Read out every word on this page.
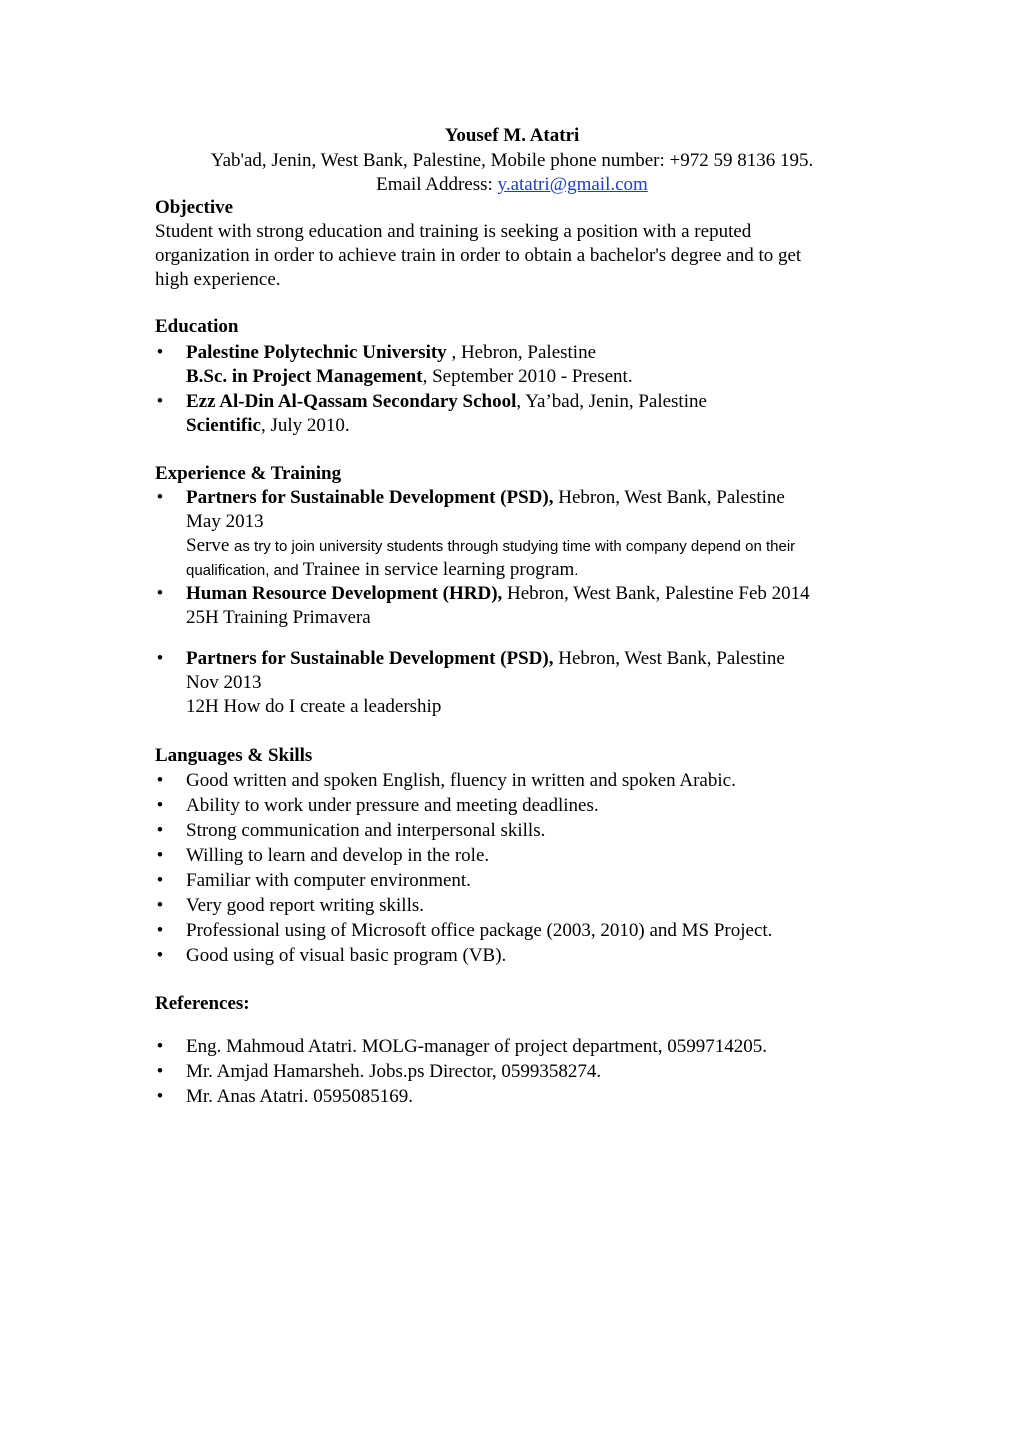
Yousef M. Atatri
Yab'ad, Jenin, West Bank, Palestine, Mobile phone number: +972 59 8136 195.
Email Address: y.atatri@gmail.com
Objective
Student with strong education and training is seeking a position with a reputed
organization in order to achieve train in order to obtain a bachelor's degree and to get
high experience.
Education
• Palestine Polytechnic University , Hebron, Palestine
B.Sc. in Project Management, September 2010 - Present.
• Ezz Al-Din Al-Qassam Secondary School, Ya’bad, Jenin, Palestine
Scientific, July 2010.
Experience & Training
• Partners for Sustainable Development (PSD), Hebron, West Bank, Palestine
May 2013
Serve as try to join university students through studying time with company depend on their
qualification, and Trainee in service learning program.
• Human Resource Development (HRD), Hebron, West Bank, Palestine Feb 2014
25H Training Primavera
• Partners for Sustainable Development (PSD), Hebron, West Bank, Palestine
Nov 2013
12H How do I create a leadership
Languages & Skills
• Good written and spoken English, fluency in written and spoken Arabic.
• Ability to work under pressure and meeting deadlines.
• Strong communication and interpersonal skills.
• Willing to learn and develop in the role.
• Familiar with computer environment.
• Very good report writing skills.
• Professional using of Microsoft office package (2003, 2010) and MS Project.
• Good using of visual basic program (VB).
References:
• Eng. Mahmoud Atatri. MOLG-manager of project department, 0599714205.
• Mr. Amjad Hamarsheh. Jobs.ps Director, 0599358274.
• Mr. Anas Atatri. 0595085169.
